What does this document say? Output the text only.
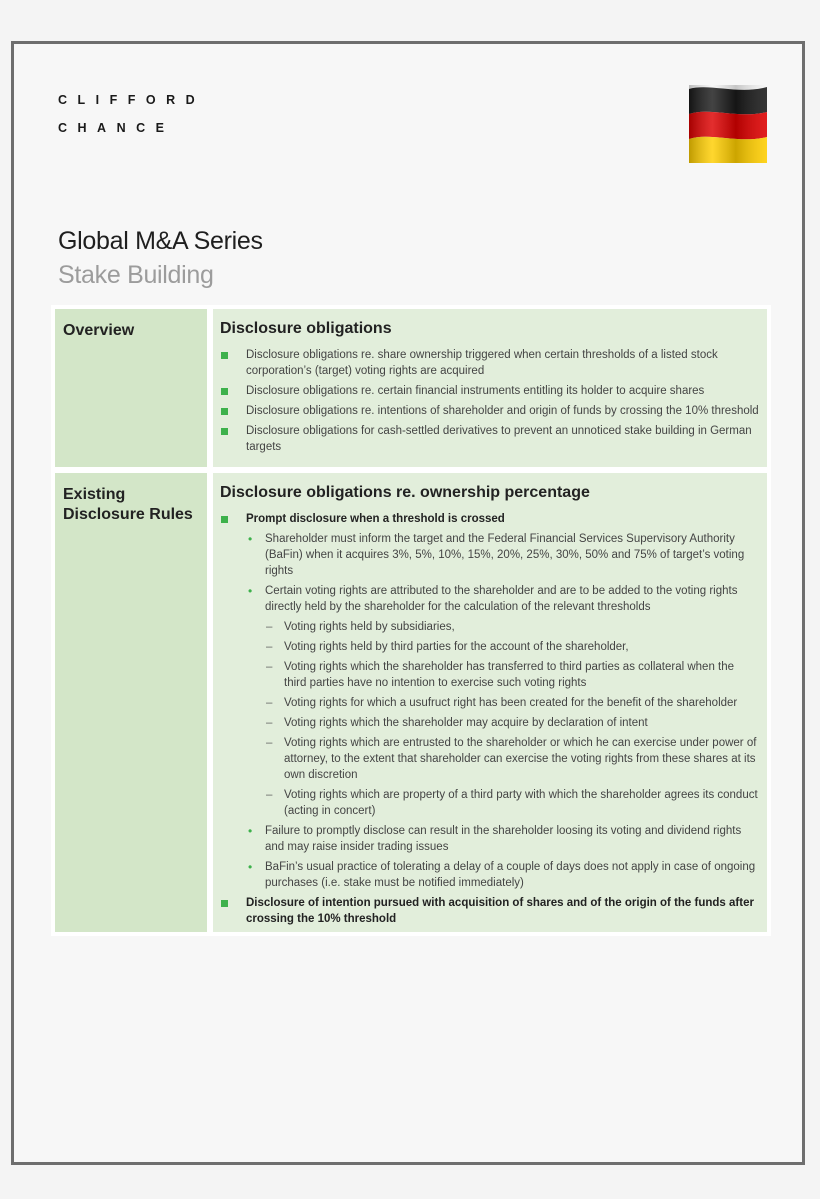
CLIFFORD
CHANCE
Global M&A Series
Stake Building
Overview	Disclosure obligations
Disclosure obligations re. share ownership triggered when certain thresholds of a listed stock corporation’s (target) voting rights are acquired
Disclosure obligations re. certain financial instruments entitling its holder to acquire shares
Disclosure obligations re. intentions of shareholder and origin of funds by crossing the 10% threshold
Disclosure obligations for cash-settled derivatives to prevent an unnoticed stake building in German targets
Existing
Disclosure Rules
Disclosure obligations re. ownership percentage
Prompt disclosure when a threshold is crossed
• Shareholder must inform the target and the Federal Financial Services Supervisory Authority (BaFin) when it acquires 3%, 5%, 10%, 15%, 20%, 25%, 30%, 50% and 75% of target’s voting rights
• Certain voting rights are attributed to the shareholder and are to be added to the voting rights directly held by the shareholder for the calculation of the relevant thresholds
– Voting rights held by subsidiaries,
– Voting rights held by third parties for the account of the shareholder,
– Voting rights which the shareholder has transferred to third parties as collateral when the third parties have no intention to exercise such voting rights
– Voting rights for which a usufruct right has been created for the benefit of the shareholder
– Voting rights which the shareholder may acquire by declaration of intent
– Voting rights which are entrusted to the shareholder or which he can exercise under power of attorney, to the extent that shareholder can exercise the voting rights from these shares at its own discretion
– Voting rights which are property of a third party with which the shareholder agrees its conduct (acting in concert)
• Failure to promptly disclose can result in the shareholder loosing its voting and dividend rights and may raise insider trading issues
• BaFin’s usual practice of tolerating a delay of a couple of days does not apply in case of ongoing purchases (i.e. stake must be notified immediately)
Disclosure of intention pursued with acquisition of shares and of the origin of the funds after crossing the 10% threshold
